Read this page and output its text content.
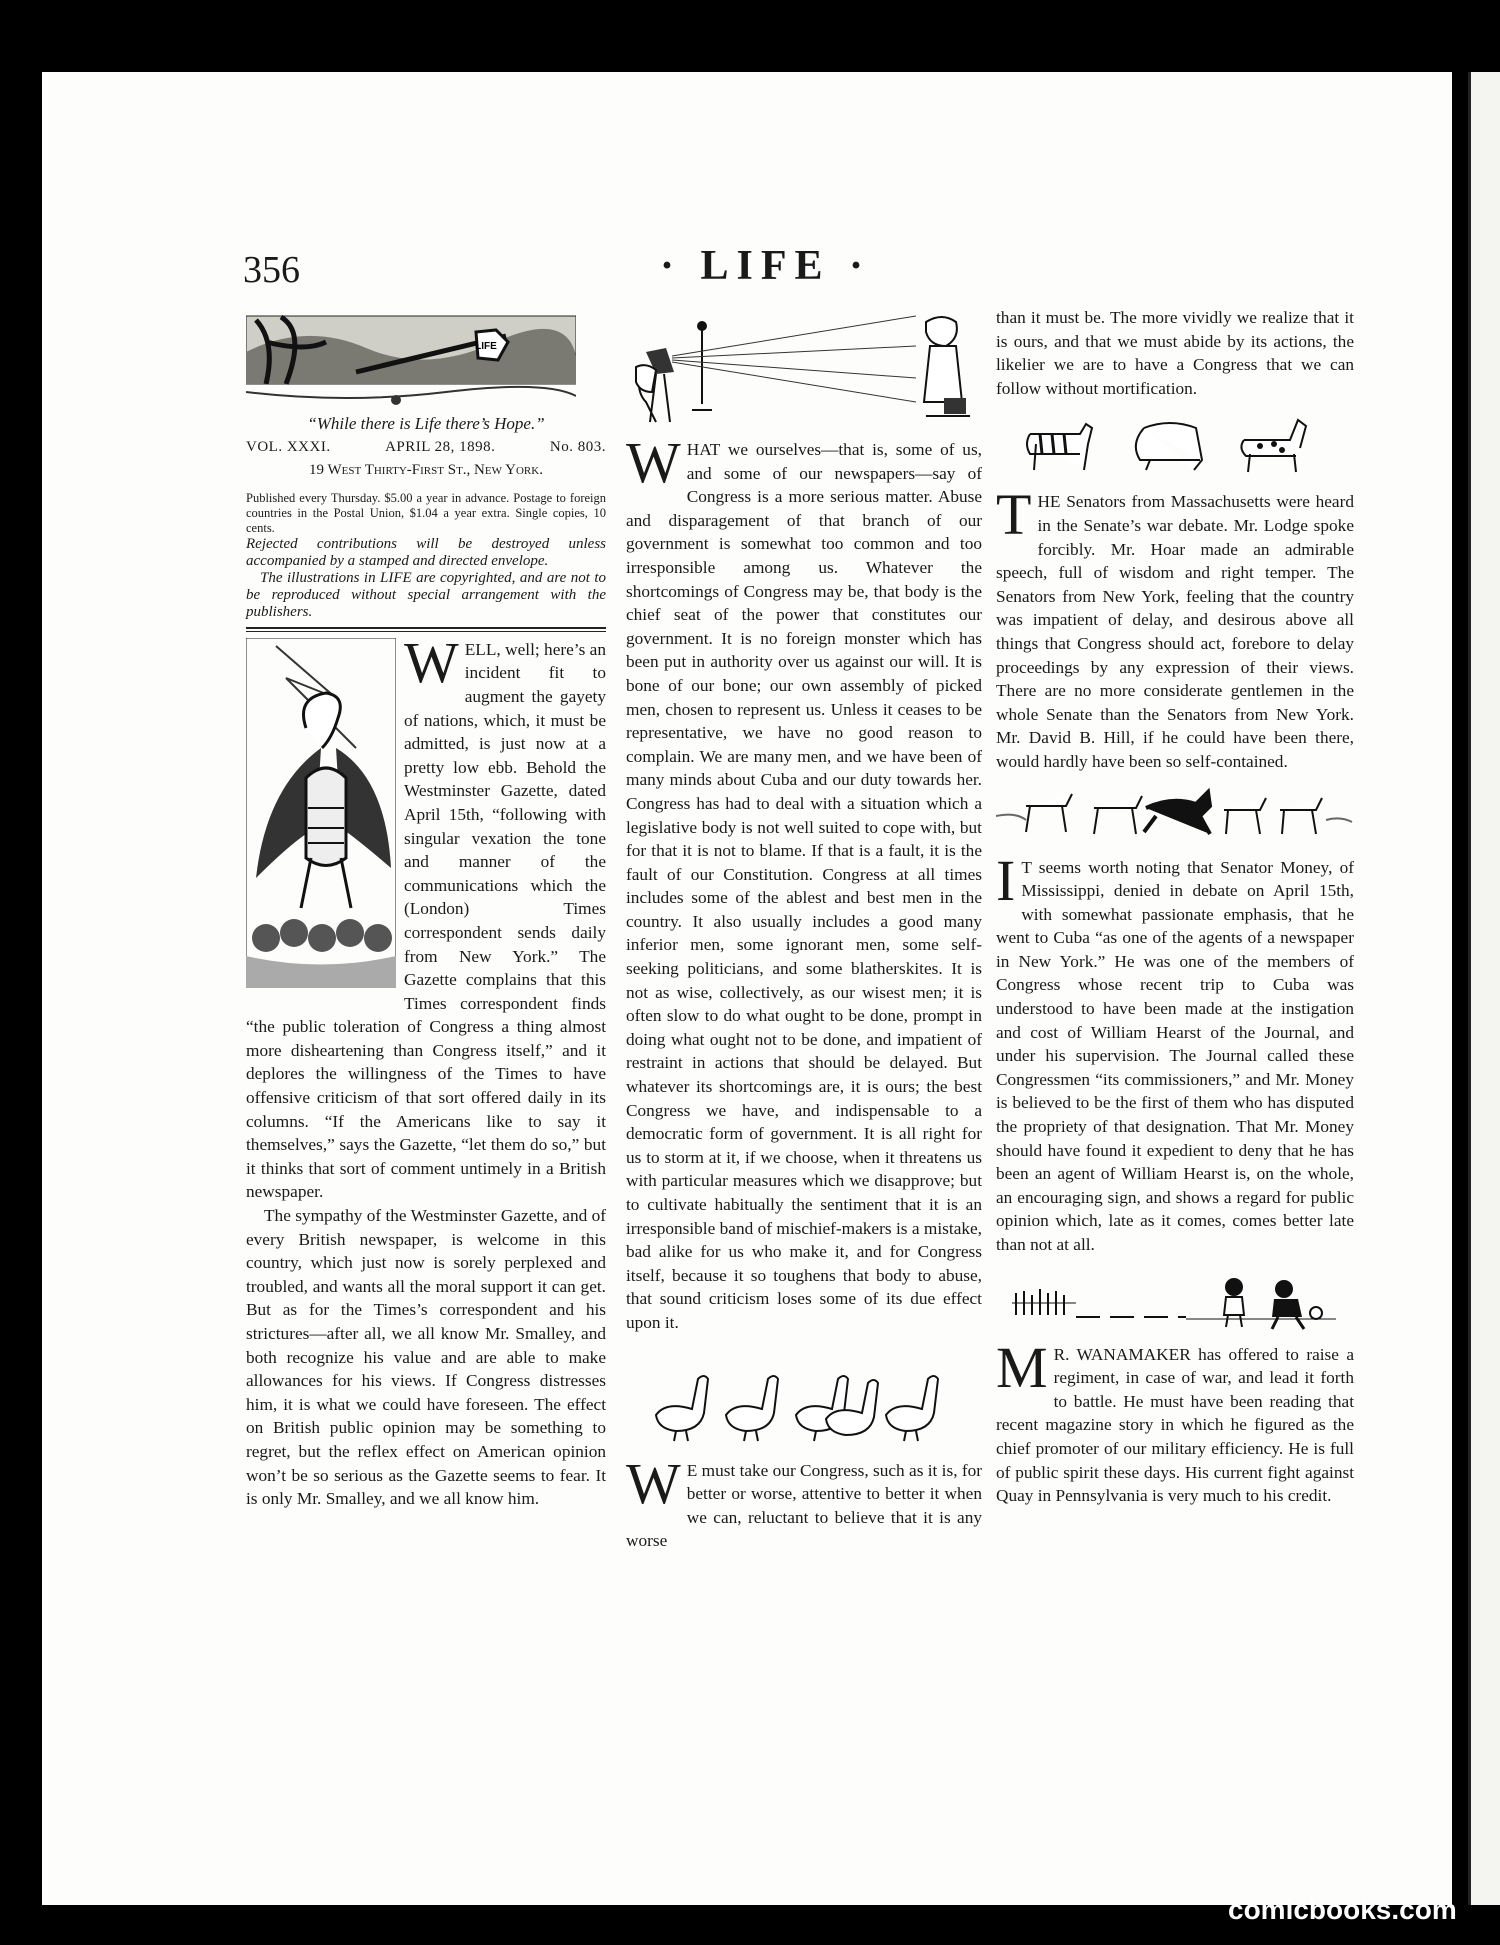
356	· LIFE ·
LIFE
“While there is Life there’s Hope.”
VOL. XXXI.	APRIL 28, 1898.	No. 803.
19 West Thirty-First St., New York.
Published every Thursday. $5.00 a year in advance. Postage to foreign countries in the Postal Union, $1.04 a year extra. Single copies, 10 cents.
Rejected contributions will be destroyed unless accompanied by a stamped and directed envelope.
The illustrations in LIFE are copyrighted, and are not to be reproduced without special arrangement with the publishers.

WELL, well; here’s an incident fit to augment the gayety of nations, which, it must be admitted, is just now at a pretty low ebb. Behold the Westminster Gazette, dated April 15th, “following with singular vexation the tone and manner of the communications which the (London) Times correspondent sends daily from New York.” The Gazette complains that this Times correspondent finds “the public toleration of Congress a thing almost more disheartening than Congress itself,” and it deplores the willingness of the Times to have offensive criticism of that sort offered daily in its columns. “If the Americans like to say it themselves,” says the Gazette, “let them do so,” but it thinks that sort of comment untimely in a British newspaper.

The sympathy of the Westminster Gazette, and of every British newspaper, is welcome in this country, which just now is sorely perplexed and troubled, and wants all the moral support it can get. But as for the Times’s correspondent and his strictures—after all, we all know Mr. Smalley, and both recognize his value and are able to make allowances for his views. If Congress distresses him, it is what we could have foreseen. The effect on British public opinion may be something to regret, but the reflex effect on American opinion won’t be so serious as the Gazette seems to fear. It is only Mr. Smalley, and we all know him.

WHAT we ourselves—that is, some of us, and some of our newspapers—say of Congress is a more serious matter. Abuse and disparagement of that branch of our government is somewhat too common and too irresponsible among us. Whatever the shortcomings of Congress may be, that body is the chief seat of the power that constitutes our government. It is no foreign monster which has been put in authority over us against our will. It is bone of our bone; our own assembly of picked men, chosen to represent us. Unless it ceases to be representative, we have no good reason to complain. We are many men, and we have been of many minds about Cuba and our duty towards her. Congress has had to deal with a situation which a legislative body is not well suited to cope with, but for that it is not to blame. If that is a fault, it is the fault of our Constitution. Congress at all times includes some of the ablest and best men in the country. It also usually includes a good many inferior men, some ignorant men, some self-seeking politicians, and some blatherskites. It is not as wise, collectively, as our wisest men; it is often slow to do what ought to be done, prompt in doing what ought not to be done, and impatient of restraint in actions that should be delayed. But whatever its shortcomings are, it is ours; the best Congress we have, and indispensable to a democratic form of government. It is all right for us to storm at it, if we choose, when it threatens us with particular measures which we disapprove; but to cultivate habitually the sentiment that it is an irresponsible band of mischief-makers is a mistake, bad alike for us who make it, and for Congress itself, because it so toughens that body to abuse, that sound criticism loses some of its due effect upon it.

W E must take our Congress, such as it is, for better or worse, attentive to better it when we can, reluctant to believe that it is any worse

than it must be. The more vividly we realize that it is ours, and that we must abide by its actions, the likelier we are to have a Congress that we can follow without mortification.

THE Senators from Massachusetts were heard in the Senate’s war debate. Mr. Lodge spoke forcibly. Mr. Hoar made an admirable speech, full of wisdom and right temper. The Senators from New York, feeling that the country was impatient of delay, and desirous above all things that Congress should act, forebore to delay proceedings by any expression of their views. There are no more considerate gentlemen in the whole Senate than the Senators from New York. Mr. David B. Hill, if he could have been there, would hardly have been so self-contained.

I T seems worth noting that Senator Money, of Mississippi, denied in debate on April 15th, with somewhat passionate emphasis, that he went to Cuba “as one of the agents of a newspaper in New York.” He was one of the members of Congress whose recent trip to Cuba was understood to have been made at the instigation and cost of William Hearst of the Journal, and under his supervision. The Journal called these Congressmen “its commissioners,” and Mr. Money is believed to be the first of them who has disputed the propriety of that designation. That Mr. Money should have found it expedient to deny that he has been an agent of William Hearst is, on the whole, an encouraging sign, and shows a regard for public opinion which, late as it comes, comes better late than not at all.

M R. WANAMAKER has offered to raise a regiment, in case of war, and lead it forth to battle. He must have been reading that recent magazine story in which he figured as the chief promoter of our military efficiency. He is full of public spirit these days. His current fight against Quay in Pennsylvania is very much to his credit.

comicbooks.com
